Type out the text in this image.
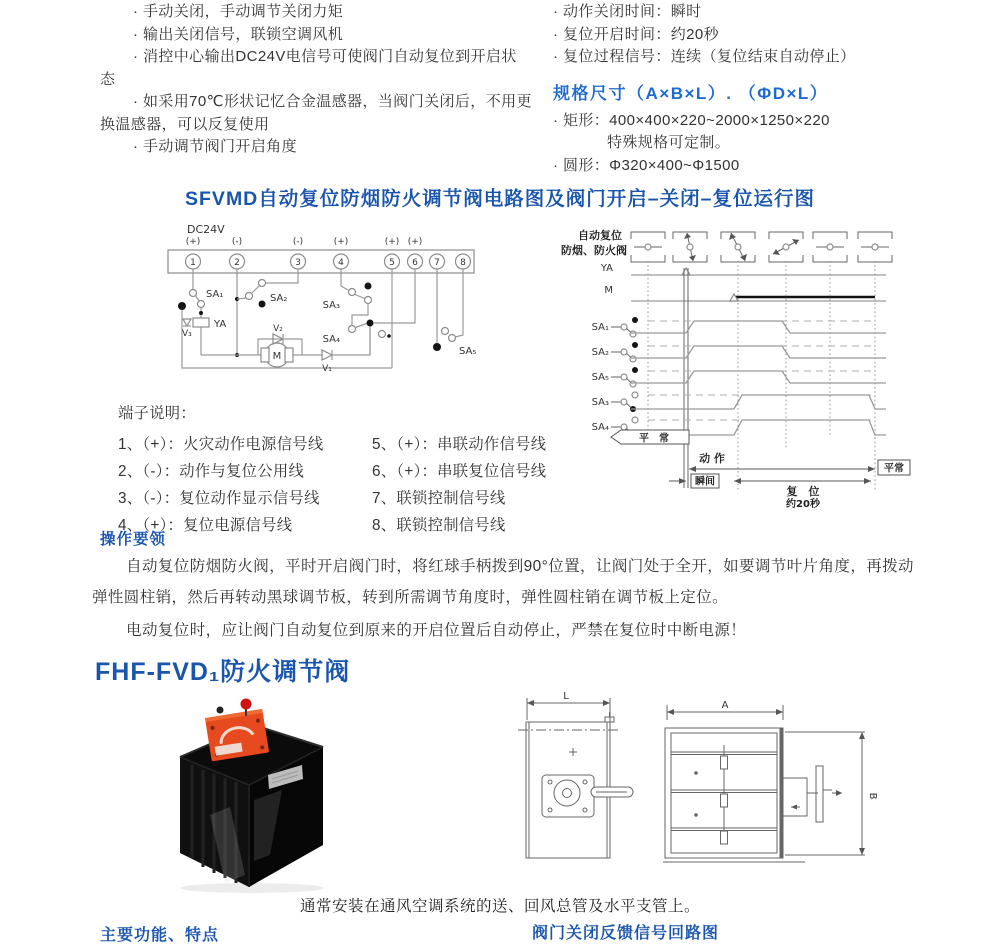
· 手动关闭，手动调节关闭力矩

· 输出关闭信号，联锁空调风机

· 消控中心输出DC24V电信号可使阀门自动复位到开启状态

· 如采用70℃形状记忆合金温感器，当阀门关闭后，不用更换温感器，可以反复使用

· 手动调节阀门开启角度

· 动作关闭时间：瞬时

· 复位开启时间：约20秒

· 复位过程信号：连续（复位结束自动停止）

规格尺寸（A×B×L）. （ΦD×L）

· 矩形：400×400×220~2000×1250×220

特殊规格可定制。

· 圆形：Φ320×400~Φ1500

SFVMD自动复位防烟防火调节阀电路图及阀门开启–关闭–复位运行图
DC24V
(+)	(-)	(-)	(+)	(+) (+)
1	2	3	4	5 6 7 8
SA₁	SA₂
SA₃
SA₄
SA₅
YA
V₃	V₂
V₁
M
自动复位
防烟、防火阀
YA
M
SA₁
SA₂
SA₅
SA₃
SA₄
平　常
动 作
平常
瞬间
复　位
约20秒

端子说明：

1、（+）：火灾动作电源信号线

2、（-）：动作与复位公用线

3、（-）：复位动作显示信号线

4、（+）：复位电源信号线

5、（+）：串联动作信号线

6、（+）：串联复位信号线

7、联锁控制信号线

8、联锁控制信号线

操作要领

自动复位防烟防火阀，平时开启阀门时，将红球手柄拨到90°位置，让阀门处于全开，如要调节叶片角度，再拨动弹性圆柱销，然后再转动黑球调节板，转到所需调节角度时，弹性圆柱销在调节板上定位。

电动复位时，应让阀门自动复位到原来的开启位置后自动停止，严禁在复位时中断电源！

FHF-FVD₁防火调节阀
L
A
B
通常安装在通风空调系统的送、回风总管及水平支管上。
主要功能、特点	阀门关闭反馈信号回路图
